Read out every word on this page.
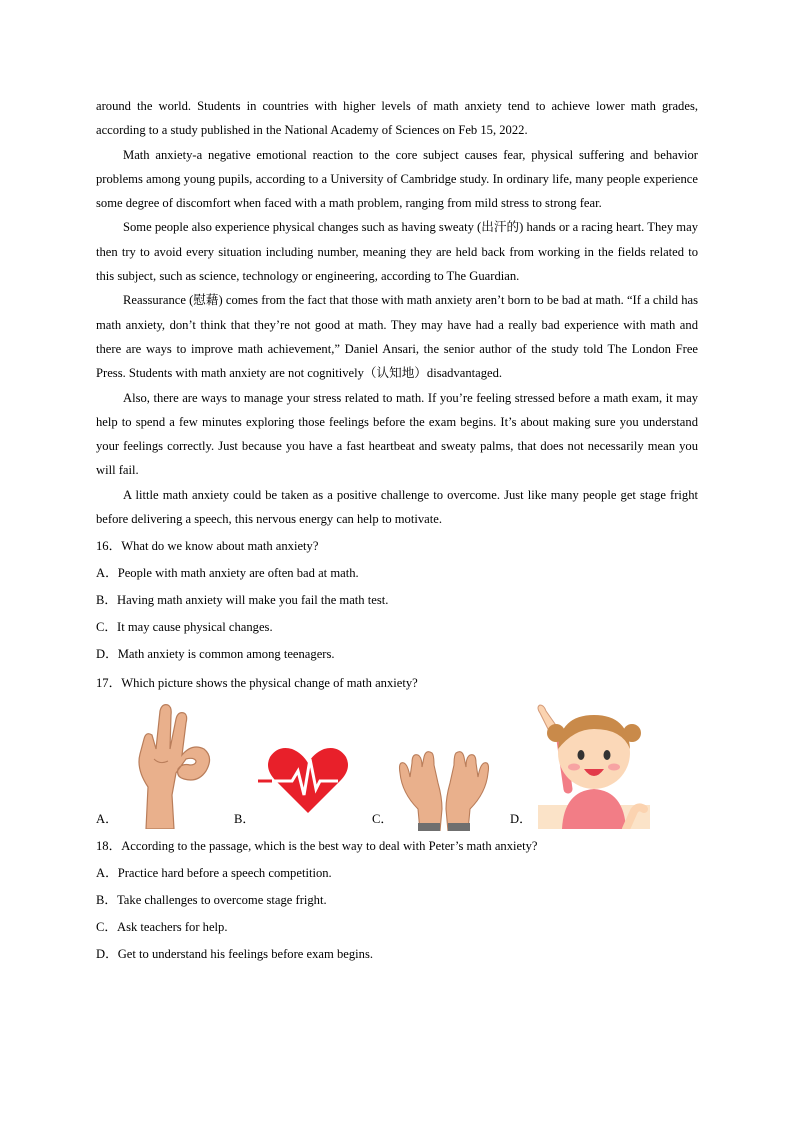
around the world. Students in countries with higher levels of math anxiety tend to achieve lower math grades, according to a study published in the National Academy of Sciences on Feb 15, 2022.

Math anxiety-a negative emotional reaction to the core subject causes fear, physical suffering and behavior problems among young pupils, according to a University of Cambridge study. In ordinary life, many people experience some degree of discomfort when faced with a math problem, ranging from mild stress to strong fear.

Some people also experience physical changes such as having sweaty (出汗的) hands or a racing heart. They may then try to avoid every situation including number, meaning they are held back from working in the fields related to this subject, such as science, technology or engineering, according to The Guardian.

Reassurance (慰藉) comes from the fact that those with math anxiety aren’t born to be bad at math. “If a child has math anxiety, don’t think that they’re not good at math. They may have had a really bad experience with math and there are ways to improve math achievement,” Daniel Ansari, the senior author of the study told The London Free Press. Students with math anxiety are not cognitively（认知地）disadvantaged.

Also, there are ways to manage your stress related to math. If you’re feeling stressed before a math exam, it may help to spend a few minutes exploring those feelings before the exam begins. It’s about making sure you understand your feelings correctly. Just because you have a fast heartbeat and sweaty palms, that does not necessarily mean you will fail.

A little math anxiety could be taken as a positive challenge to overcome. Just like many people get stage fright before delivering a speech, this nervous energy can help to motivate.

16．What do we know about math anxiety?
A．People with math anxiety are often bad at math.
B．Having math anxiety will make you fail the math test.
C．It may cause physical changes.
D．Math anxiety is common among teenagers.
17．Which picture shows the physical change of math anxiety?
A．	B．	C．	D．
18．According to the passage, which is the best way to deal with Peter’s math anxiety?
A．Practice hard before a speech competition.
B．Take challenges to overcome stage fright.
C．Ask teachers for help.
D．Get to understand his feelings before exam begins.
